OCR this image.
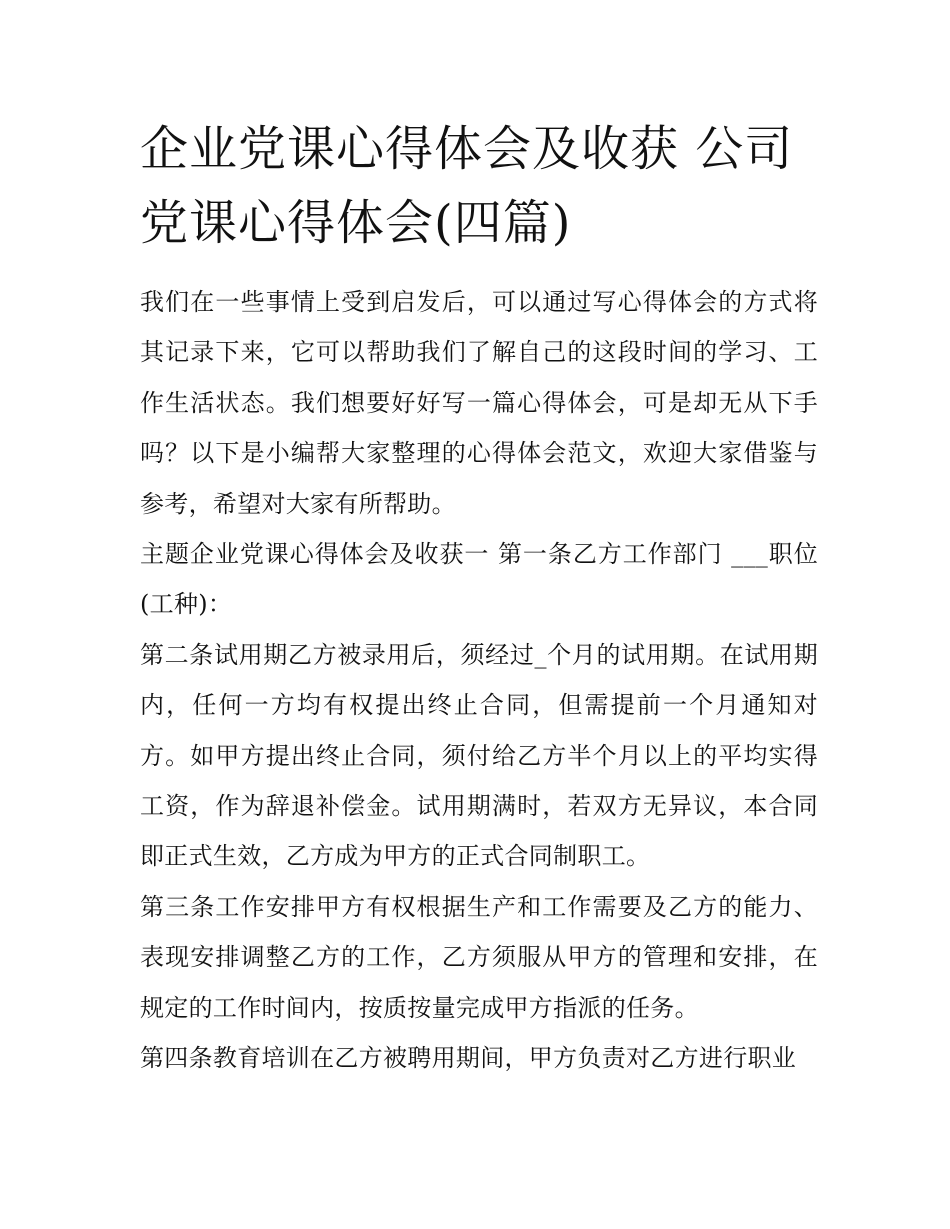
企业党课心得体会及收获 公司党课心得体会(四篇)

我们在一些事情上受到启发后，可以通过写心得体会的方式将其记录下来，它可以帮助我们了解自己的这段时间的学习、工作生活状态。我们想要好好写一篇心得体会，可是却无从下手吗？以下是小编帮大家整理的心得体会范文，欢迎大家借鉴与参考，希望对大家有所帮助。

主题企业党课心得体会及收获一 第一条乙方工作部门 ___职位(工种)：

第二条试用期乙方被录用后，须经过_个月的试用期。在试用期内，任何一方均有权提出终止合同，但需提前一个月通知对方。如甲方提出终止合同，须付给乙方半个月以上的平均实得工资，作为辞退补偿金。试用期满时，若双方无异议，本合同即正式生效，乙方成为甲方的正式合同制职工。

第三条工作安排甲方有权根据生产和工作需要及乙方的能力、表现安排调整乙方的工作，乙方须服从甲方的管理和安排，在规定的工作时间内，按质按量完成甲方指派的任务。

第四条教育培训在乙方被聘用期间，甲方负责对乙方进行职业
